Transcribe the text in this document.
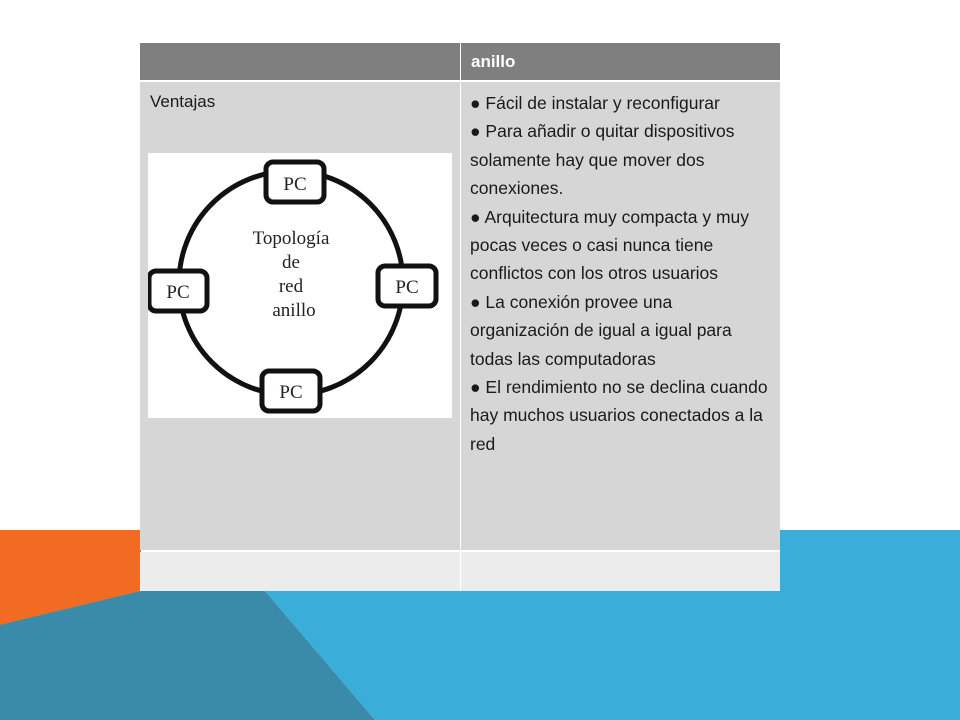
anillo
Ventajas	● Fácil de instalar y reconfigurar

● Para añadir o quitar dispositivos solamente hay que mover dos conexiones.

● Arquitectura muy compacta y muy pocas veces o casi nunca tiene conflictos con los otros usuarios

● La conexión provee una organización de igual a igual para todas las computadoras

● El rendimiento no se declina cuando hay muchos usuarios conectados a la red

PC
PC	PC
PC
Topología
de
red
anillo
